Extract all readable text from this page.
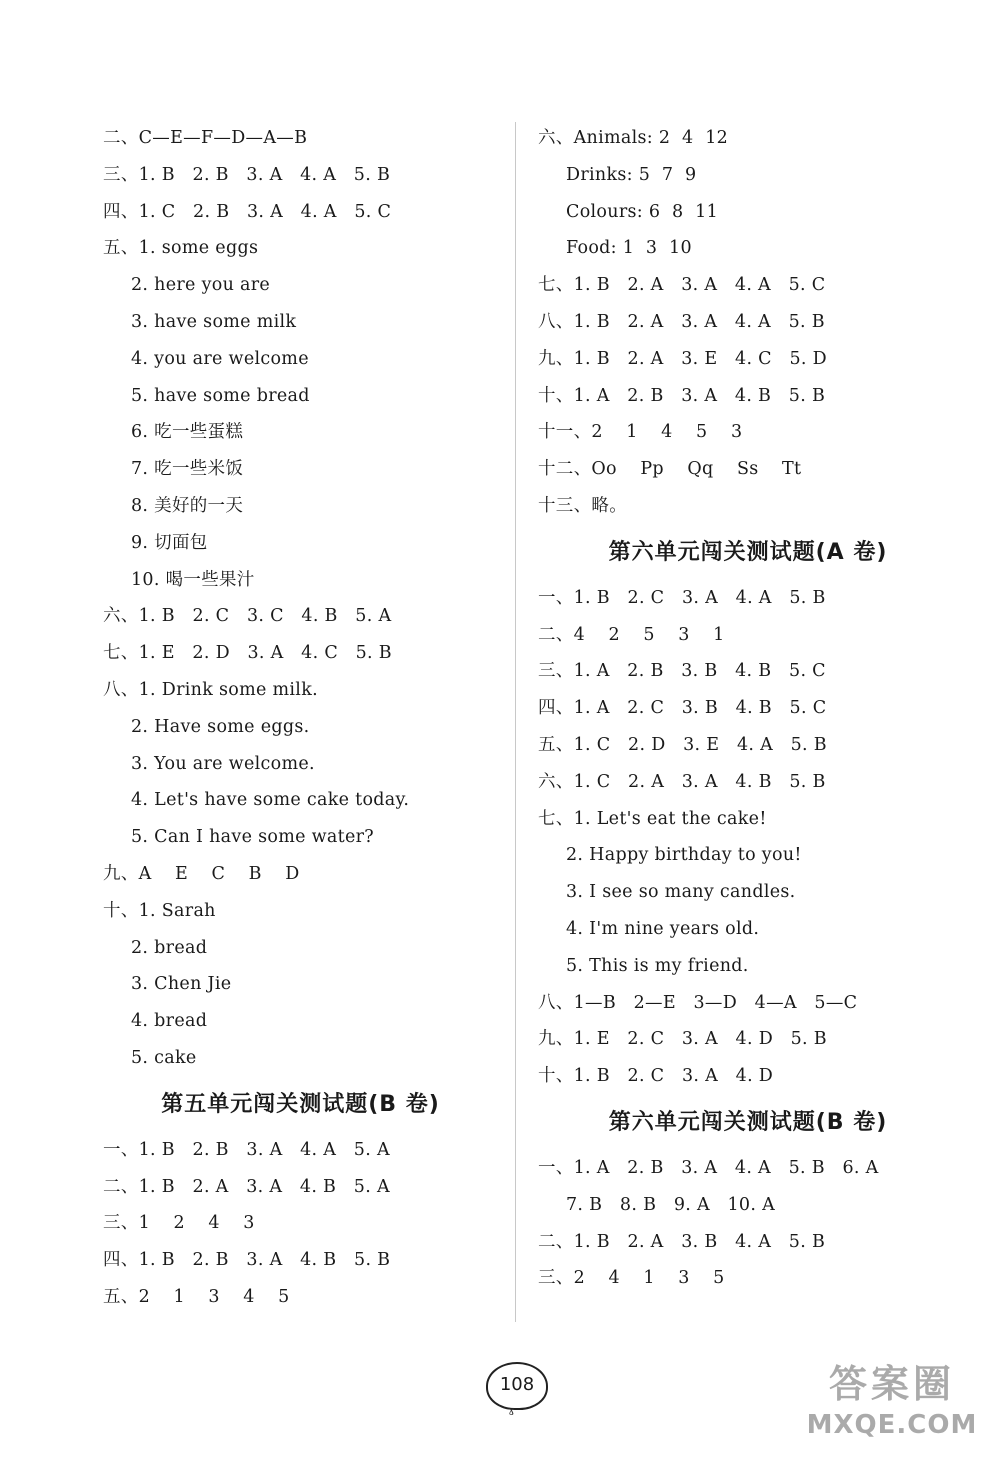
二、C—E—F—D—A—B
三、1. B   2. B   3. A   4. A   5. B
四、1. C   2. B   3. A   4. A   5. C
五、1. some eggs
2. here you are
3. have some milk
4. you are welcome
5. have some bread
6. 吃一些蛋糕
7. 吃一些米饭
8. 美好的一天
9. 切面包
10. 喝一些果汁
六、1. B   2. C   3. C   4. B   5. A
七、1. E   2. D   3. A   4. C   5. B
八、1. Drink some milk.
2. Have some eggs.
3. You are welcome.
4. Let's have some cake today.
5. Can I have some water?
九、A    E    C    B    D
十、1. Sarah
2. bread
3. Chen Jie
4. bread
5. cake
第五单元闯关测试题(B 卷)
一、1. B   2. B   3. A   4. A   5. A
二、1. B   2. A   3. A   4. B   5. A
三、1    2    4    3
四、1. B   2. B   3. A   4. B   5. B
五、2    1    3    4    5
六、Animals: 2  4  12
Drinks: 5  7  9
Colours: 6  8  11
Food: 1  3  10
七、1. B   2. A   3. A   4. A   5. C
八、1. B   2. A   3. A   4. A   5. B
九、1. B   2. A   3. E   4. C   5. D
十、1. A   2. B   3. A   4. B   5. B
十一、2    1    4    5    3
十二、Oo    Pp    Qq    Ss    Tt
十三、略。
第六单元闯关测试题(A 卷)
一、1. B   2. C   3. A   4. A   5. B
二、4    2    5    3    1
三、1. A   2. B   3. B   4. B   5. C
四、1. A   2. C   3. B   4. B   5. C
五、1. C   2. D   3. E   4. A   5. B
六、1. C   2. A   3. A   4. B   5. B
七、1. Let's eat the cake!
2. Happy birthday to you!
3. I see so many candles.
4. I'm nine years old.
5. This is my friend.
八、1—B   2—E   3—D   4—A   5—C
九、1. E   2. C   3. A   4. D   5. B
十、1. B   2. C   3. A   4. D
第六单元闯关测试题(B 卷)
一、1. A   2. B   3. A   4. A   5. B   6. A
7. B   8. B   9. A   10. A
二、1. B   2. A   3. B   4. A   5. B
三、2    4    1    3    5
108
ɤ
答案圈
MXQE.COM
